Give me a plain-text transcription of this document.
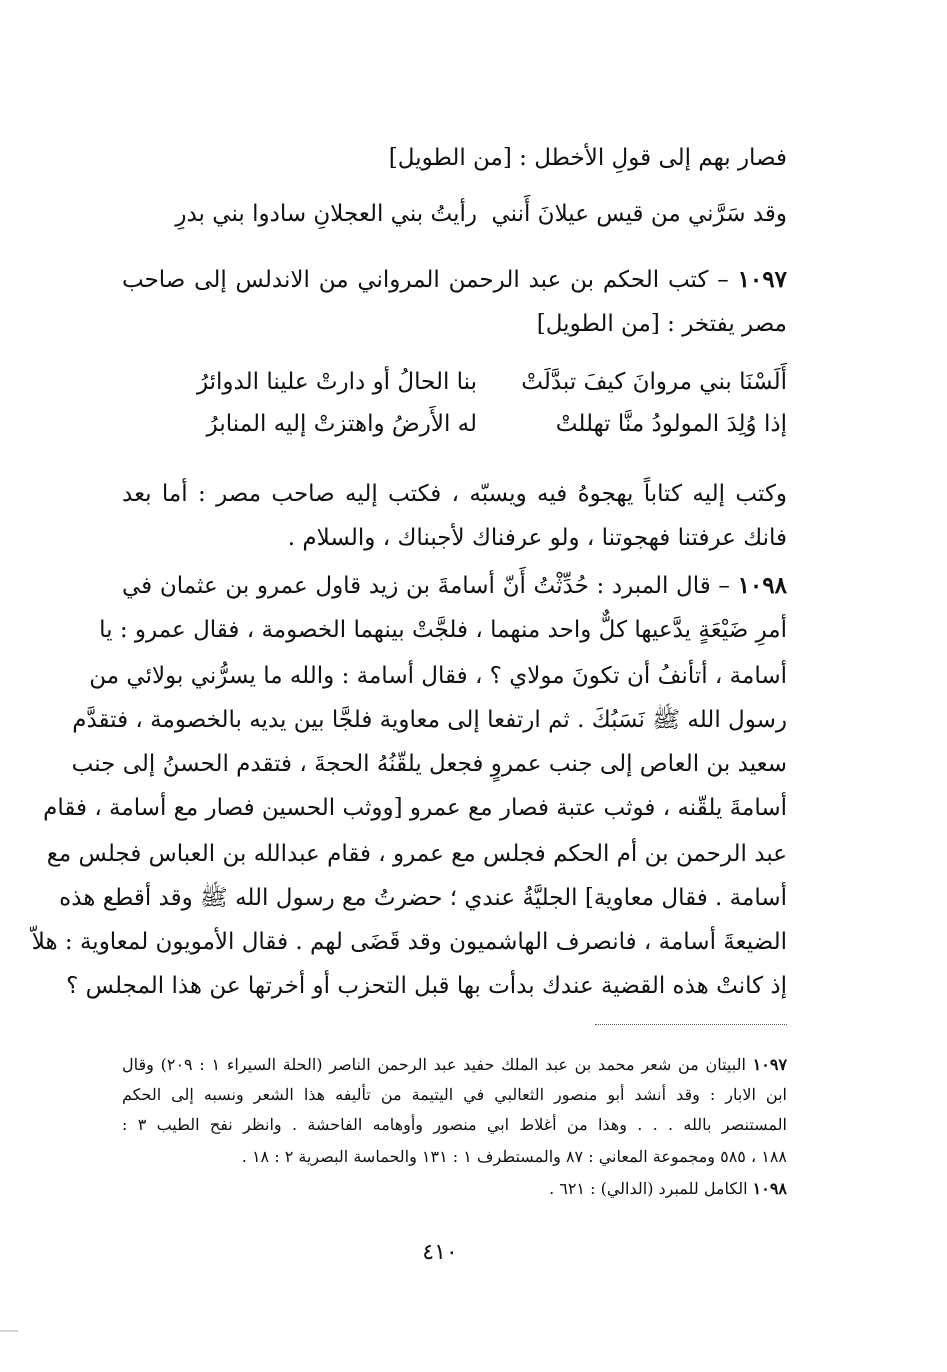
فصار بهم إلى قولِ الأخطل : [من الطويل]
وقد سَرَّني من قيس عيلانَ أَنني
رأيتُ بني العجلانِ سادوا بني بدرِ
١٠٩٧ – كتب الحكم بن عبد الرحمن المرواني من الاندلس إلى صاحب
مصر يفتخر : [من الطويل]
أَلَسْنَا بني مروانَ كيفَ تبدَّلَتْ
بنا الحالُ أو دارتْ علينا الدوائرُ
إذا وُلِدَ المولودُ منَّا تهللتْ
له الأَرضُ واهتزتْ إليه المنابرُ
وكتب إليه كتاباً يهجوهُ فيه ويسبّه ، فكتب إليه صاحب مصر : أما بعد
فانك عرفتنا فهجوتنا ، ولو عرفناك لأجبناك ، والسلام .
١٠٩٨ – قال المبرد : حُدِّثْتُ أَنّ أسامةَ بن زيد قاول عمرو بن عثمان في
أمرِ ضَيْعَةٍ يدَّعيها كلٌّ واحد منهما ، فلجَّتْ بينهما الخصومة ، فقال عمرو : يا
أسامة ، أتأنفُ أن تكونَ مولاي ؟ ، فقال أسامة : والله ما يسرُّني بولائي من
رسول الله ﷺ نَسَبُكَ . ثم ارتفعا إلى معاوية فلجَّا بين يديه بالخصومة ، فتقدَّم
سعيد بن العاص إلى جنب عمروٍ فجعل يلقّنُهُ الحجةَ ، فتقدم الحسنُ إلى جنب
أسامةَ يلقّنه ، فوثب عتبة فصار مع عمرو [ووثب الحسين فصار مع أسامة ، فقام
عبد الرحمن بن أم الحكم فجلس مع عمرو ، فقام عبدالله بن العباس فجلس مع
أسامة . فقال معاوية] الجليَّةُ عندي ؛ حضرتُ مع رسول الله ﷺ وقد أقطع هذه
الضيعةَ أسامة ، فانصرف الهاشميون وقد قَضَى لهم . فقال الأمويون لمعاوية : هلاّ
إذ كانتْ هذه القضية عندك بدأت بها قبل التحزب أو أخرتها عن هذا المجلس ؟
١٠٩٧ البيتان من شعر محمد بن عبد الملك حفيد عبد الرحمن الناصر (الحلة السيراء ١ : ٢٠٩) وقال
ابن الابار : وقد أنشد أبو منصور الثعالبي في اليتيمة من تأليفه هذا الشعر ونسبه إلى الحكم
المستنصر بالله . . . وهذا من أغلاط ابي منصور وأوهامه الفاحشة . وانظر نفح الطيب ٣ :
١٨٨ ، ٥٨٥ ومجموعة المعاني : ٨٧ والمستطرف ١ : ١٣١ والحماسة البصرية ٢ : ١٨ .
١٠٩٨ الكامل للمبرد (الدالي) : ٦٢١ .
٤١٠
